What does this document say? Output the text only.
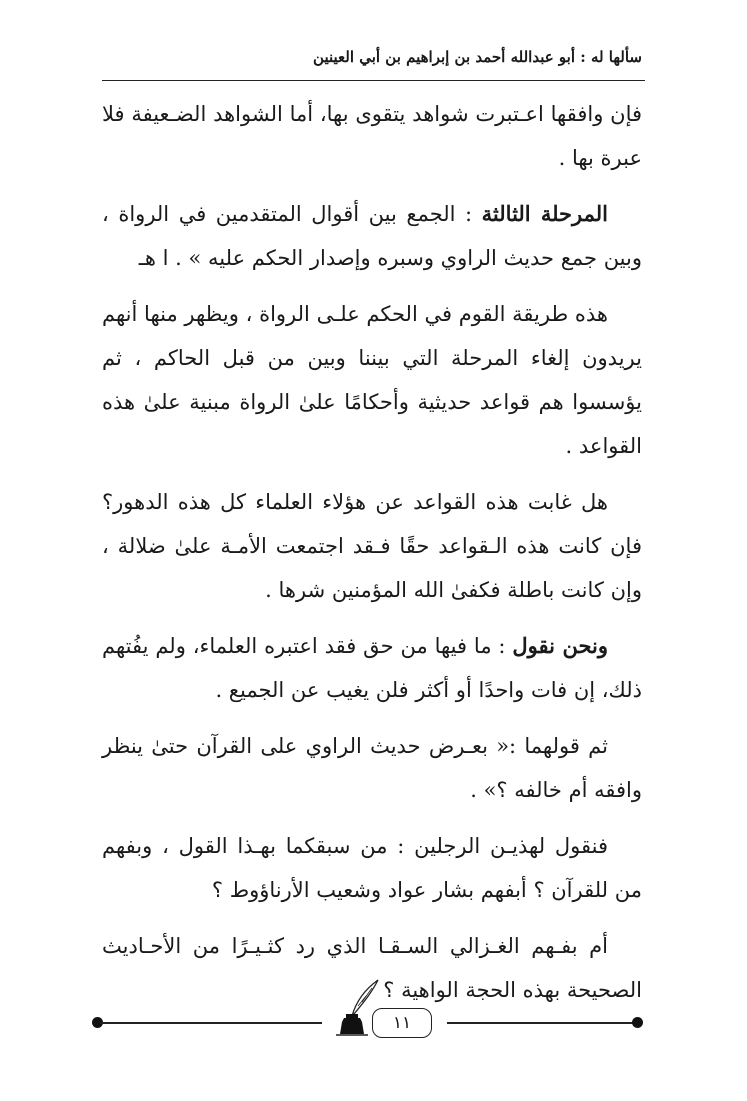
سألها له : أبو عبدالله أحمد بن إبراهيم بن أبي العينين

فإن وافقها اعـتبرت شواهد يتقوى بها، أما الشواهد الضـعيفة فلا عبرة بها .

المرحلة الثالثة : الجمع بين أقوال المتقدمين في الرواة ، وبين جمع حديث الراوي وسبره وإصدار الحكم عليه » . ا هـ

هذه طريقة القوم في الحكم علـى الرواة ، ويظهر منها أنهم يريدون إلغاء المرحلة التي بيننا وبين من قبل الحاكم ، ثم يؤسسوا هم قواعد حديثية وأحكامًا علىٰ الرواة مبنية علىٰ هذه القواعد .

هل غابت هذه القواعد عن هؤلاء العلماء كل هذه الدهور؟ فإن كانت هذه الـقواعد حقًا فـقد اجتمعت الأمـة علىٰ ضلالة ، وإن كانت باطلة فكفىٰ الله المؤمنين شرها .

ونحن نقول : ما فيها من حق فقد اعتبره العلماء، ولم يفُتهم ذلك، إن فات واحدًا أو أكثر فلن يغيب عن الجميع .

ثم قولهما :« بعـرض حديث الراوي على القرآن حتىٰ ينظر وافقه أم خالفه ؟» .

فنقول لهذيـن الرجلين : من سبقكما بهـذا القول ، وبفهم من للقرآن ؟ أبفهم بشار عواد وشعيب الأرناؤوط ؟

أم بفـهم الغـزالي السـقـا الذي رد كثـيـرًا من الأحـاديث الصحيحة بهذه الحجة الواهية ؟

١١
